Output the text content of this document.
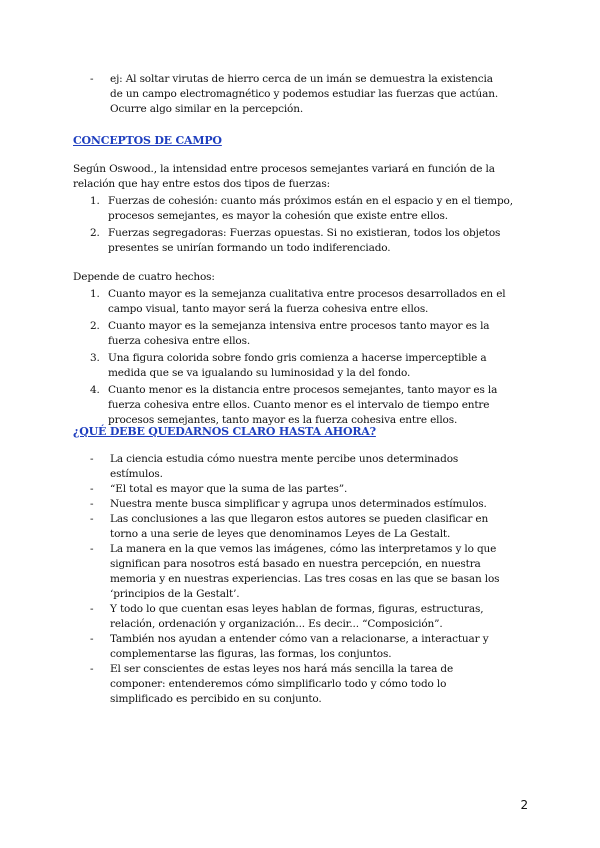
- ej: Al soltar virutas de hierro cerca de un imán se demuestra la existencia de un campo electromagnético y podemos estudiar las fuerzas que actúan. Ocurre algo similar en la percepción.
CONCEPTOS DE CAMPO

Según Oswood., la intensidad entre procesos semejantes variará en función de la relación que hay entre estos dos tipos de fuerzas:

1. Fuerzas de cohesión: cuanto más próximos están en el espacio y en el tiempo, procesos semejantes, es mayor la cohesión que existe entre ellos.
2. Fuerzas segregadoras: Fuerzas opuestas. Si no existieran, todos los objetos presentes se unirían formando un todo indiferenciado.

Depende de cuatro hechos:

1. Cuanto mayor es la semejanza cualitativa entre procesos desarrollados en el campo visual, tanto mayor será la fuerza cohesiva entre ellos.
2. Cuanto mayor es la semejanza intensiva entre procesos tanto mayor es la fuerza cohesiva entre ellos.
3. Una figura colorida sobre fondo gris comienza a hacerse imperceptible a medida que se va igualando su luminosidad y la del fondo.
4. Cuanto menor es la distancia entre procesos semejantes, tanto mayor es la fuerza cohesiva entre ellos. Cuanto menor es el intervalo de tiempo entre procesos semejantes, tanto mayor es la fuerza cohesiva entre ellos.
¿QUÉ DEBE QUEDARNOS CLARO HASTA AHORA?
- La ciencia estudia cómo nuestra mente percibe unos determinados estímulos.
- “El total es mayor que la suma de las partes”.
- Nuestra mente busca simplificar y agrupa unos determinados estímulos.
- Las conclusiones a las que llegaron estos autores se pueden clasificar en torno a una serie de leyes que denominamos Leyes de La Gestalt.
- La manera en la que vemos las imágenes, cómo las interpretamos y lo que significan para nosotros está basado en nuestra percepción, en nuestra memoria y en nuestras experiencias. Las tres cosas en las que se basan los ‘principios de la Gestalt’.
- Y todo lo que cuentan esas leyes hablan de formas, figuras, estructuras, relación, ordenación y organización... Es decir... “Composición”.
- También nos ayudan a entender cómo van a relacionarse, a interactuar y complementarse las figuras, las formas, los conjuntos.
- El ser conscientes de estas leyes nos hará más sencilla la tarea de componer: entenderemos cómo simplificarlo todo y cómo todo lo simplificado es percibido en su conjunto.
2
